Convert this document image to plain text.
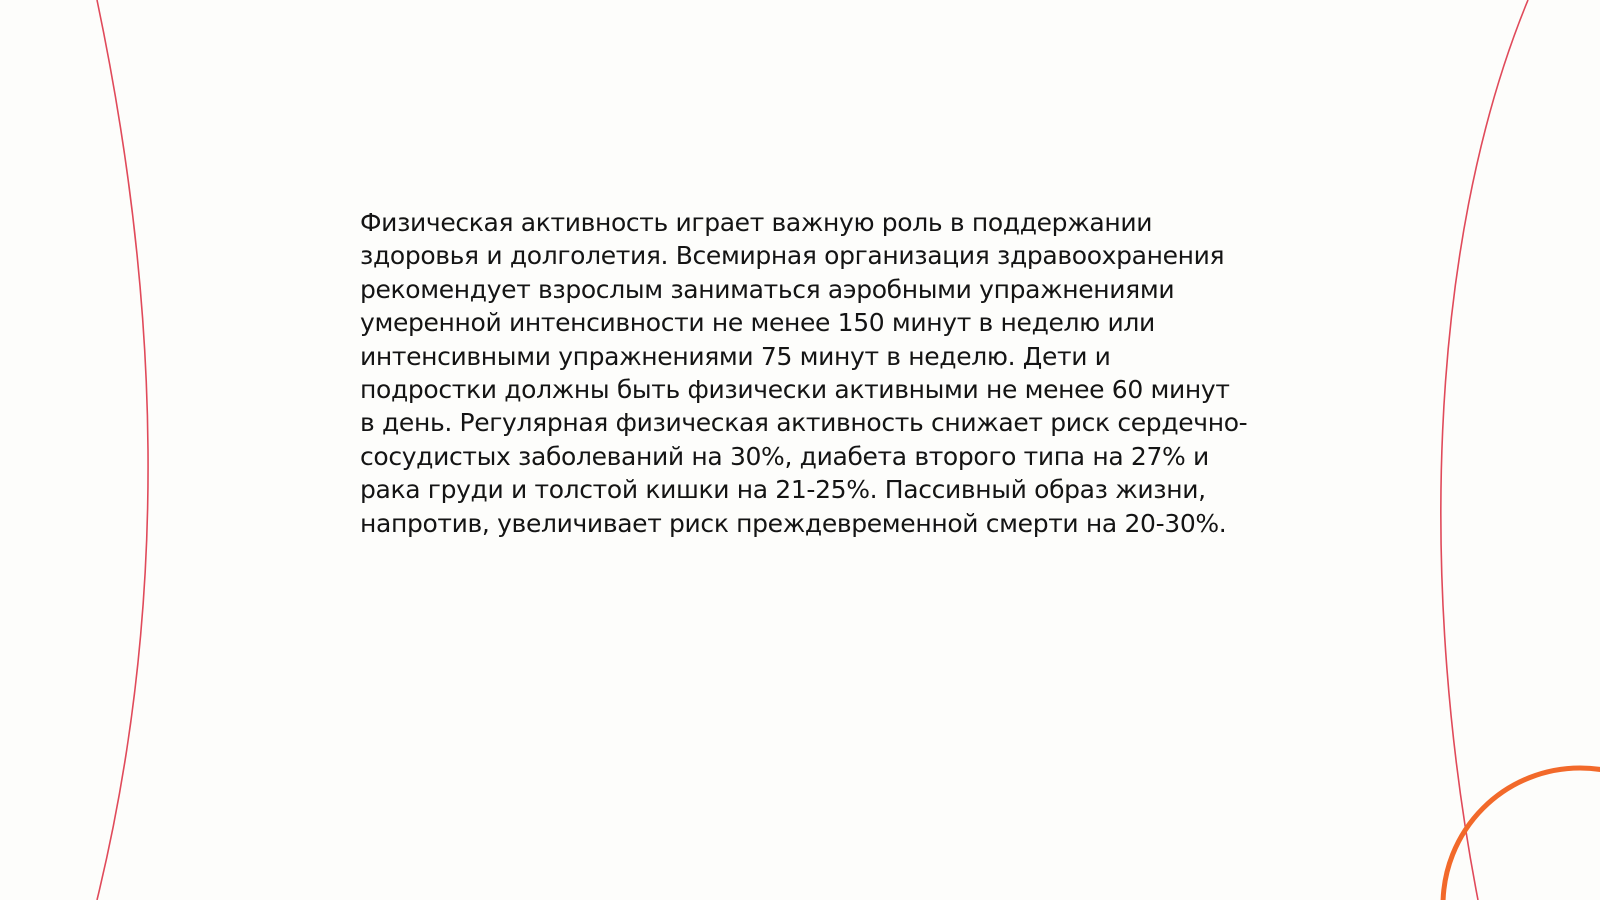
Физическая активность играет важную роль в поддержании здоровья и долголетия. Всемирная организация здравоохранения рекомендует взрослым заниматься аэробными упражнениями умеренной интенсивности не менее 150 минут в неделю или интенсивными упражнениями 75 минут в неделю. Дети и подростки должны быть физически активными не менее 60 минут в день. Регулярная физическая активность снижает риск сердечно-сосудистых заболеваний на 30%, диабета второго типа на 27% и рака груди и толстой кишки на 21-25%. Пассивный образ жизни, напротив, увеличивает риск преждевременной смерти на 20-30%.
